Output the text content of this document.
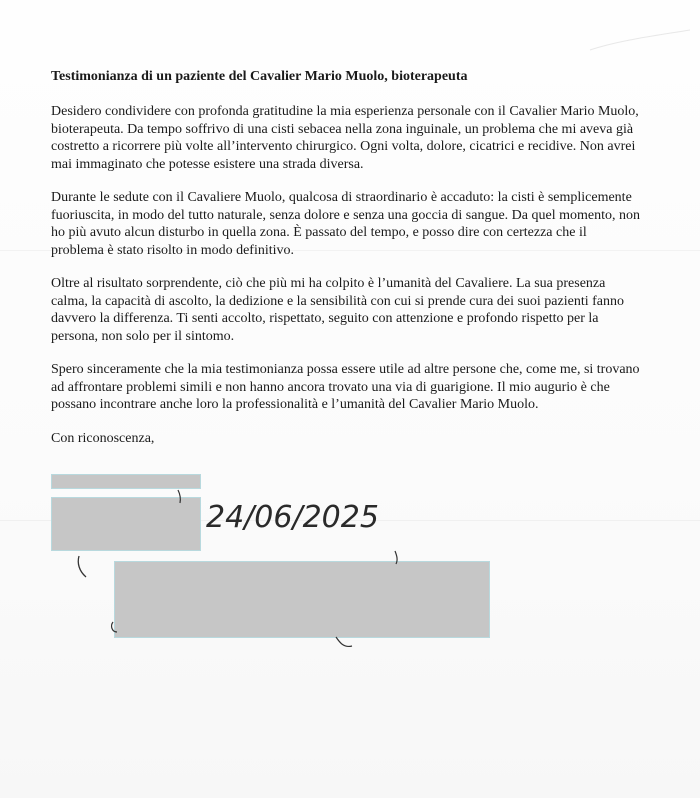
Testimonianza di un paziente del Cavalier Mario Muolo, bioterapeuta

Desidero condividere con profonda gratitudine la mia esperienza personale con il Cavalier Mario Muolo, bioterapeuta. Da tempo soffrivo di una cisti sebacea nella zona inguinale, un problema che mi aveva già costretto a ricorrere più volte all’intervento chirurgico. Ogni volta, dolore, cicatrici e recidive. Non avrei mai immaginato che potesse esistere una strada diversa.

Durante le sedute con il Cavaliere Muolo, qualcosa di straordinario è accaduto: la cisti è semplicemente fuoriuscita, in modo del tutto naturale, senza dolore e senza una goccia di sangue. Da quel momento, non ho più avuto alcun disturbo in quella zona. È passato del tempo, e posso dire con certezza che il problema è stato risolto in modo definitivo.

Oltre al risultato sorprendente, ciò che più mi ha colpito è l’umanità del Cavaliere. La sua presenza calma, la capacità di ascolto, la dedizione e la sensibilità con cui si prende cura dei suoi pazienti fanno davvero la differenza. Ti senti accolto, rispettato, seguito con attenzione e profondo rispetto per la persona, non solo per il sintomo.

Spero sinceramente che la mia testimonianza possa essere utile ad altre persone che, come me, si trovano ad affrontare problemi simili e non hanno ancora trovato una via di guarigione. Il mio augurio è che possano incontrare anche loro la professionalità e l’umanità del Cavalier Mario Muolo.

Con riconoscenza,

24/06/2025
